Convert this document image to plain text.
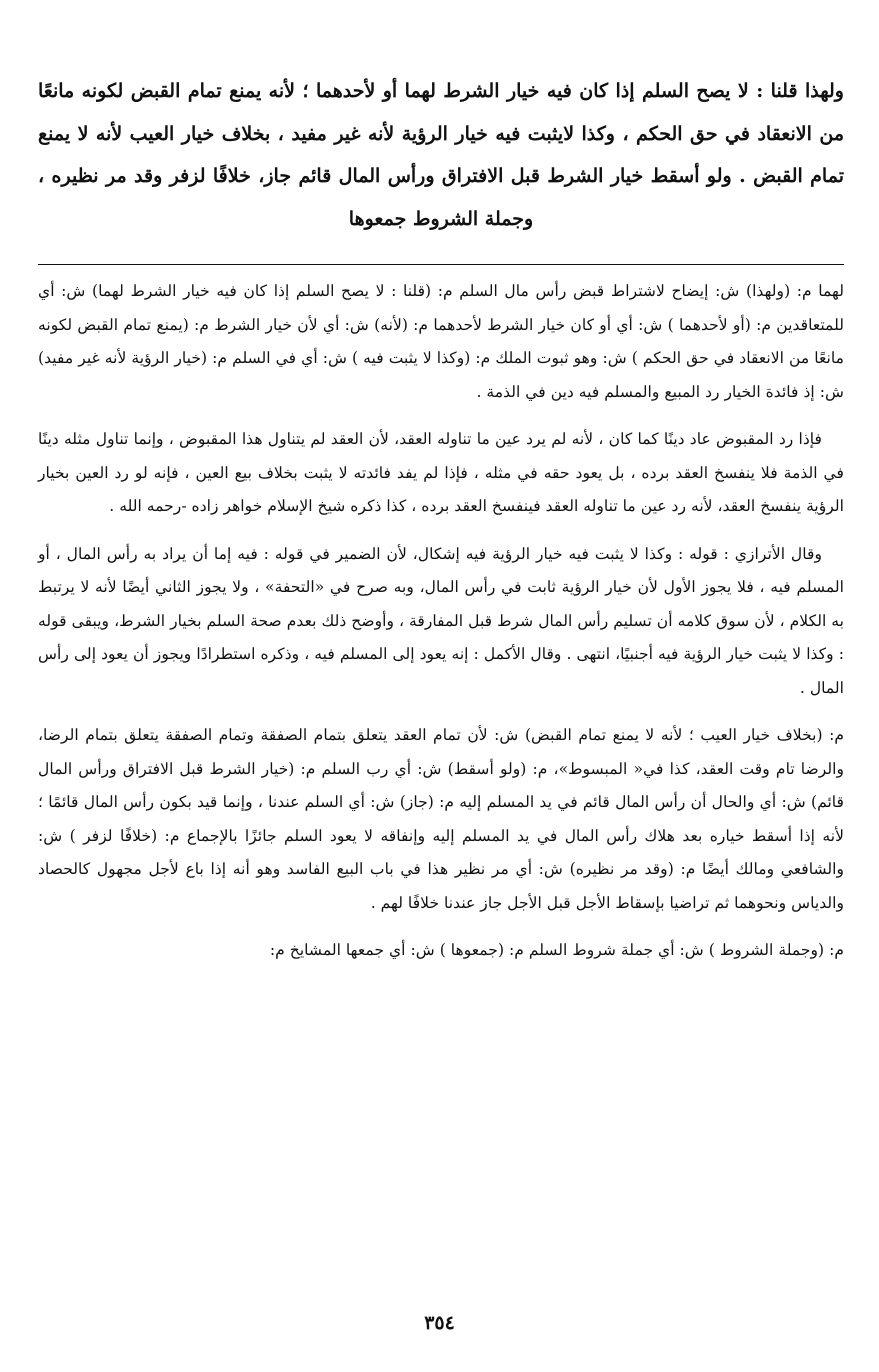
ولهذا قلنا : لا يصح السلم إذا كان فيه خيار الشرط لهما أو لأحدهما ؛ لأنه يمنع تمام القبض لكونه مانعًا من الانعقاد في حق الحكم ، وكذا لايثبت فيه خيار الرؤية لأنه غير مفيد ، بخلاف خيار العيب لأنه لا يمنع تمام القبض . ولو أسقط خيار الشرط قبل الافتراق ورأس المال قائم جاز، خلافًا لزفر وقد مر نظيره ، وجملة الشروط جمعوها

لهما م: (ولهذا) ش: إيضاح لاشتراط قبض رأس مال السلم م: (قلنا : لا يصح السلم إذا كان فيه خيار الشرط لهما) ش: أي للمتعاقدين م: (أو لأحدهما ) ش: أي أو كان خيار الشرط لأحدهما م: (لأنه) ش: أي لأن خيار الشرط م: (يمنع تمام القبض لكونه مانعًا من الانعقاد في حق الحكم ) ش: وهو ثبوت الملك م: (وكذا لا يثبت فيه ) ش: أي في السلم م: (خيار الرؤية لأنه غير مفيد) ش: إذ فائدة الخيار رد المبيع والمسلم فيه دين في الذمة .

فإذا رد المقبوض عاد دينًا كما كان ، لأنه لم يرد عين ما تناوله العقد، لأن العقد لم يتناول هذا المقبوض ، وإنما تناول مثله دينًا في الذمة فلا ينفسخ العقد برده ، بل يعود حقه في مثله ، فإذا لم يفد فائدته لا يثبت بخلاف بيع العين ، فإنه لو رد العين بخيار الرؤية ينفسخ العقد، لأنه رد عين ما تناوله العقد فينفسخ العقد برده ، كذا ذكره شيخ الإسلام خواهر زاده -رحمه الله .

وقال الأترازي : قوله : وكذا لا يثبت فيه خيار الرؤية فيه إشكال، لأن الضمير في قوله : فيه إما أن يراد به رأس المال ، أو المسلم فيه ، فلا يجوز الأول لأن خيار الرؤية ثابت في رأس المال، وبه صرح في «التحفة» ، ولا يجوز الثاني أيضًا لأنه لا يرتبط به الكلام ، لأن سوق كلامه أن تسليم رأس المال شرط قبل المفارقة ، وأوضح ذلك بعدم صحة السلم بخيار الشرط، ويبقى قوله : وكذا لا يثبت خيار الرؤية فيه أجنبيًا، انتهى . وقال الأكمل : إنه يعود إلى المسلم فيه ، وذكره استطرادًا ويجوز أن يعود إلى رأس المال .

م: (بخلاف خيار العيب ؛ لأنه لا يمنع تمام القبض) ش: لأن تمام العقد يتعلق بتمام الصفقة وتمام الصفقة يتعلق بتمام الرضا، والرضا تام وقت العقد، كذا في« المبسوط»، م: (ولو أسقط) ش: أي رب السلم م: (خيار الشرط قبل الافتراق ورأس المال قائم) ش: أي والحال أن رأس المال قائم في يد المسلم إليه م: (جاز) ش: أي السلم عندنا ، وإنما قيد بكون رأس المال قائمًا ؛ لأنه إذا أسقط خياره بعد هلاك رأس المال في يد المسلم إليه وإنفاقه لا يعود السلم جائزًا بالإجماع م: (خلافًا لزفر ) ش: والشافعي ومالك أيضًا م: (وقد مر نظيره) ش: أي مر نظير هذا في باب البيع الفاسد وهو أنه إذا باع لأجل مجهول كالحصاد والدياس ونحوهما ثم تراضيا بإسقاط الأجل قبل الأجل جاز عندنا خلافًا لهم .

م: (وجملة الشروط ) ش: أي جملة شروط السلم م: (جمعوها ) ش: أي جمعها المشايخ م:

٣٥٤
